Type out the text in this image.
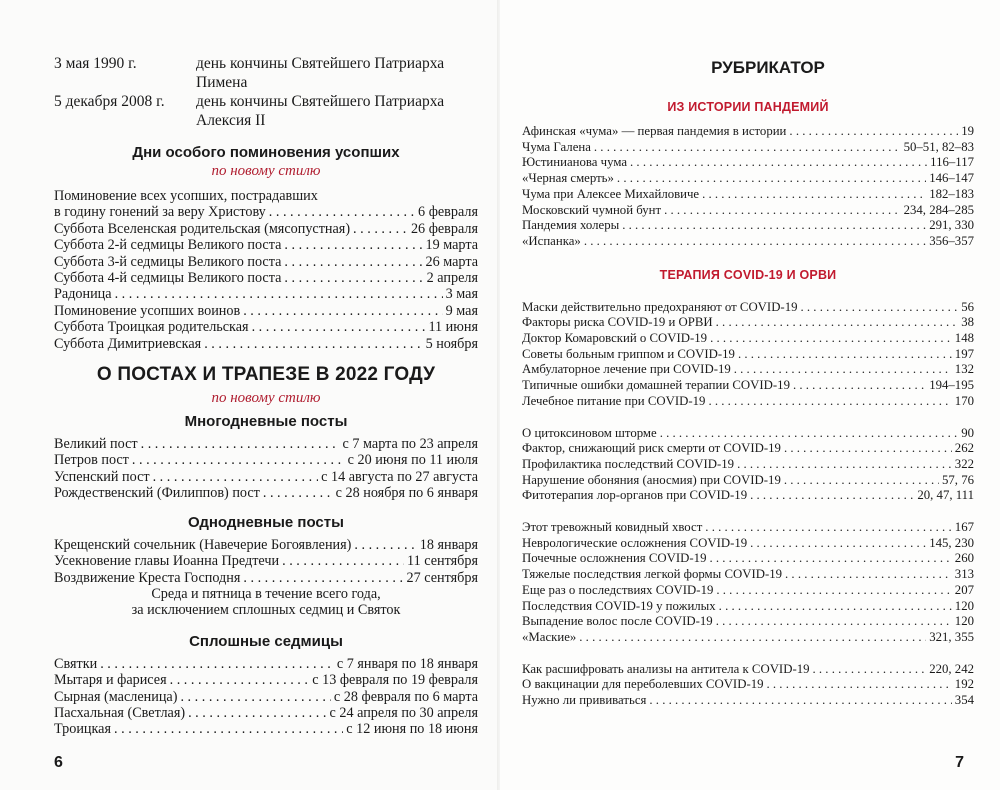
3 мая 1990 г.	день кончины Святейшего Патриарха
Пимена
5 декабря 2008 г.	день кончины Святейшего Патриарха
Алексия II
Дни особого поминовения усопших
по новому стилю
Поминовение всех усопших, пострадавших
в годину гонений за веру Христову . . .	6 февраля
Суббота Вселенская родительская (мясопустная) . . .	26 февраля
Суббота 2-й седмицы Великого поста . . .	19 марта
Суббота 3-й седмицы Великого поста . . .	26 марта
Суббота 4-й седмицы Великого поста . . .	2 апреля
Радоница . . .	3 мая
Поминовение усопших воинов . . .	9 мая
Суббота Троицкая родительская . . .	11 июня
Суббота Димитриевская . . .	5 ноября
О ПОСТАХ И ТРАПЕЗЕ В 2022 ГОДУ
по новому стилю
Многодневные посты
Великий пост . . .	с 7 марта по 23 апреля
Петров пост . . .	с 20 июня по 11 июля
Успенский пост . . .	с 14 августа по 27 августа
Рождественский (Филиппов) пост . . .	с 28 ноября по 6 января
Однодневные посты
Крещенский сочельник (Навечерие Богоявления) . . .	18 января
Усекновение главы Иоанна Предтечи . . .	11 сентября
Воздвижение Креста Господня . . .	27 сентября
Среда и пятница в течение всего года,
за исключением сплошных седмиц и Святок
Сплошные седмицы
Святки . . .	с 7 января по 18 января
Мытаря и фарисея . . .	с 13 февраля по 19 февраля
Сырная (масленица) . . .	с 28 февраля по 6 марта
Пасхальная (Светлая) . . .	с 24 апреля по 30 апреля
Троицкая . . .	с 12 июня по 18 июня
6
РУБРИКАТОР
ИЗ ИСТОРИИ ПАНДЕМИЙ
Афинская «чума» — первая пандемия в истории . . .	19
Чума Галена . . .	50–51, 82–83
Юстинианова чума . . .	116–117
«Черная смерть» . . .	146–147
Чума при Алексее Михайловиче . . .	182–183
Московский чумной бунт . . .	234, 284–285
Пандемия холеры . . .	291, 330
«Испанка» . . .	356–357
ТЕРАПИЯ COVID-19 И ОРВИ
Маски действительно предохраняют от COVID-19 . . .	56
Факторы риска COVID-19 и ОРВИ . . .	38
Доктор Комаровский о COVID-19 . . .	148
Советы больным гриппом и COVID-19 . . .	197
Амбулаторное лечение при COVID-19 . . .	132
Типичные ошибки домашней терапии COVID-19 . . .	194–195
Лечебное питание при COVID-19 . . .	170
О цитоксиновом шторме . . .	90
Фактор, снижающий риск смерти от COVID-19 . . .	262
Профилактика последствий COVID-19 . . .	322
Нарушение обоняния (аносмия) при COVID-19 . . .	57, 76
Фитотерапия лор-органов при COVID-19 . . .	20, 47, 111
Этот тревожный ковидный хвост . . .	167
Неврологические осложнения COVID-19 . . .	145, 230
Почечные осложнения COVID-19 . . .	260
Тяжелые последствия легкой формы COVID-19 . . .	313
Еще раз о последствиях COVID-19 . . .	207
Последствия COVID-19 у пожилых . . .	120
Выпадение волос после COVID-19 . . .	120
«Маские» . . .	321, 355
Как расшифровать анализы на антитела к COVID-19 . . .	220, 242
О вакцинации для переболевших COVID-19 . . .	192
Нужно ли прививаться . . .	354
7
